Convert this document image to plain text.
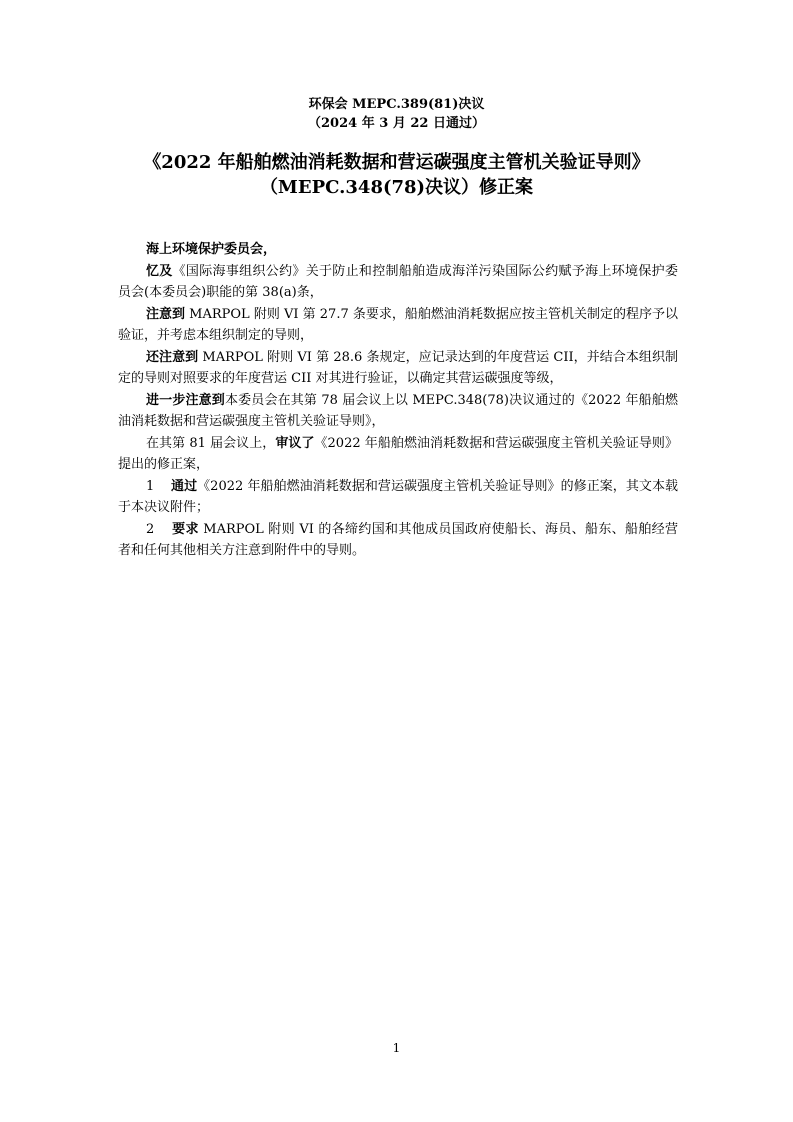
环保会 MEPC.389(81)决议
（2024 年 3 月 22 日通过）
《2022 年船舶燃油消耗数据和营运碳强度主管机关验证导则》
（MEPC.348(78)决议）修正案

海上环境保护委员会，

忆及《国际海事组织公约》关于防止和控制船舶造成海洋污染国际公约赋予海上环境保护委员会(本委员会)职能的第 38(a)条，

注意到 MARPOL 附则 VI 第 27.7 条要求，船舶燃油消耗数据应按主管机关制定的程序予以验证，并考虑本组织制定的导则，

还注意到 MARPOL 附则 VI 第 28.6 条规定，应记录达到的年度营运 CII，并结合本组织制定的导则对照要求的年度营运 CII 对其进行验证，以确定其营运碳强度等级，

进一步注意到本委员会在其第 78 届会议上以 MEPC.348(78)决议通过的《2022 年船舶燃油消耗数据和营运碳强度主管机关验证导则》，

在其第 81 届会议上，审议了《2022 年船舶燃油消耗数据和营运碳强度主管机关验证导则》提出的修正案，

1 通过《2022 年船舶燃油消耗数据和营运碳强度主管机关验证导则》的修正案，其文本载于本决议附件；

2 要求 MARPOL 附则 VI 的各缔约国和其他成员国政府使船长、海员、船东、船舶经营者和任何其他相关方注意到附件中的导则。

1
